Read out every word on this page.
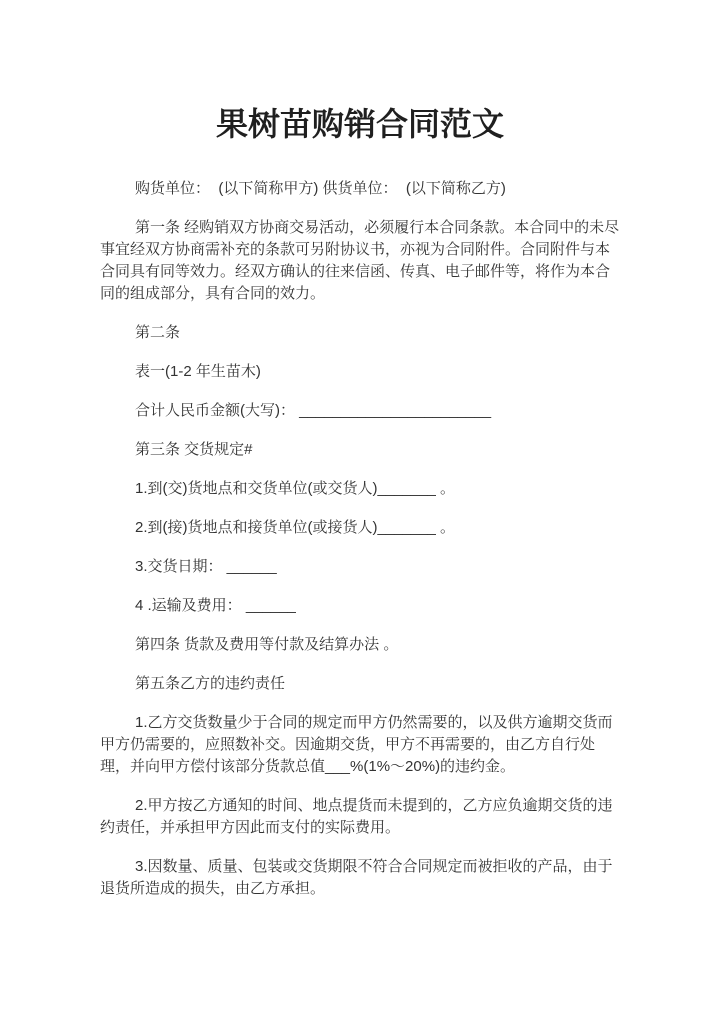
果树苗购销合同范文

购货单位：  (以下简称甲方) 供货单位：  (以下简称乙方)

第一条 经购销双方协商交易活动，必须履行本合同条款。本合同中的未尽事宜经双方协商需补充的条款可另附协议书，亦视为合同附件。合同附件与本合同具有同等效力。经双方确认的往来信函、传真、电子邮件等，将作为本合同的组成部分，具有合同的效力。

第二条

表一(1-2 年生苗木)

合计人民币金额(大写)： _______________________

第三条 交货规定#

1.到(交)货地点和交货单位(或交货人)_______ 。

2.到(接)货地点和接货单位(或接货人)_______ 。

3.交货日期： ______

4 .运输及费用： ______

第四条 货款及费用等付款及结算办法 。

第五条乙方的违约责任

1.乙方交货数量少于合同的规定而甲方仍然需要的，以及供方逾期交货而甲方仍需要的，应照数补交。因逾期交货，甲方不再需要的，由乙方自行处理，并向甲方偿付该部分货款总值___%(1%～20%)的违约金。

2.甲方按乙方通知的时间、地点提货而未提到的，乙方应负逾期交货的违约责任，并承担甲方因此而支付的实际费用。

3.因数量、质量、包装或交货期限不符合合同规定而被拒收的产品，由于退货所造成的损失，由乙方承担。
